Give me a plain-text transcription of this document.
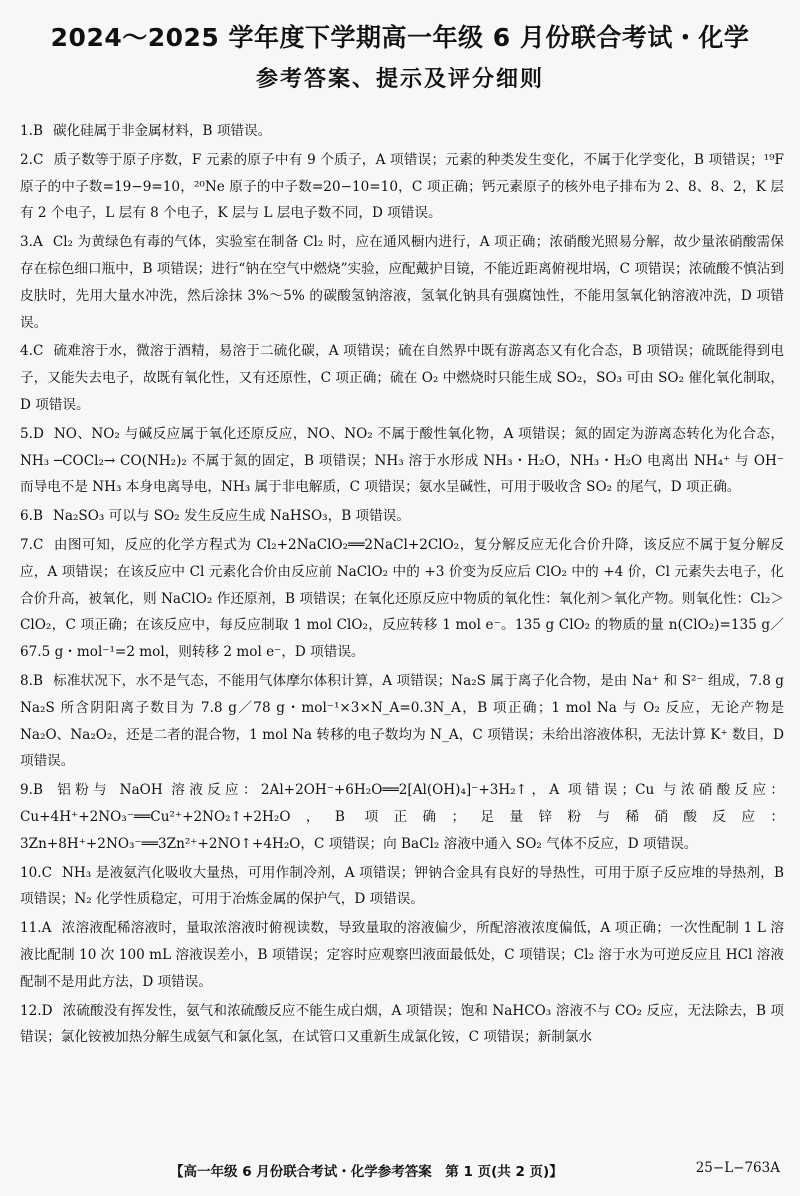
2024～2025 学年度下学期高一年级 6 月份联合考试・化学
参考答案、提示及评分细则
1.B 碳化硅属于非金属材料，B 项错误。
2.C 质子数等于原子序数，F 元素的原子中有 9 个质子，A 项错误；元素的种类发生变化，不属于化学变化，B 项错误；¹⁹F 原子的中子数=19−9=10，²⁰Ne 原子的中子数=20−10=10，C 项正确；钙元素原子的核外电子排布为 2、8、8、2，K 层有 2 个电子，L 层有 8 个电子，K 层与 L 层电子数不同，D 项错误。
3.A Cl₂ 为黄绿色有毒的气体，实验室在制备 Cl₂ 时，应在通风橱内进行，A 项正确；浓硝酸光照易分解，故少量浓硝酸需保存在棕色细口瓶中，B 项错误；进行“钠在空气中燃烧”实验，应配戴护目镜，不能近距离俯视坩埚，C 项错误；浓硫酸不慎沾到皮肤时，先用大量水冲洗，然后涂抹 3%～5% 的碳酸氢钠溶液，氢氧化钠具有强腐蚀性，不能用氢氧化钠溶液冲洗，D 项错误。
4.C 硫难溶于水，微溶于酒精，易溶于二硫化碳，A 项错误；硫在自然界中既有游离态又有化合态，B 项错误；硫既能得到电子，又能失去电子，故既有氧化性，又有还原性，C 项正确；硫在 O₂ 中燃烧时只能生成 SO₂，SO₃ 可由 SO₂ 催化氧化制取，D 项错误。
5.D NO、NO₂ 与碱反应属于氧化还原反应，NO、NO₂ 不属于酸性氧化物，A 项错误；氮的固定为游离态转化为化合态，NH₃ ─COCl₂→ CO(NH₂)₂ 不属于氮的固定，B 项错误；NH₃ 溶于水形成 NH₃・H₂O，NH₃・H₂O 电离出 NH₄⁺ 与 OH⁻ 而导电不是 NH₃ 本身电离导电，NH₃ 属于非电解质，C 项错误；氨水呈碱性，可用于吸收含 SO₂ 的尾气，D 项正确。
6.B Na₂SO₃ 可以与 SO₂ 发生反应生成 NaHSO₃，B 项错误。
7.C 由图可知，反应的化学方程式为 Cl₂+2NaClO₂══2NaCl+2ClO₂，复分解反应无化合价升降，该反应不属于复分解反应，A 项错误；在该反应中 Cl 元素化合价由反应前 NaClO₂ 中的 +3 价变为反应后 ClO₂ 中的 +4 价，Cl 元素失去电子，化合价升高，被氧化，则 NaClO₂ 作还原剂，B 项错误；在氧化还原反应中物质的氧化性：氧化剂＞氧化产物。则氧化性：Cl₂＞ClO₂，C 项正确；在该反应中，每反应制取 1 mol ClO₂，反应转移 1 mol e⁻。135 g ClO₂ 的物质的量 n(ClO₂)=135 g／67.5 g・mol⁻¹=2 mol，则转移 2 mol e⁻，D 项错误。
8.B 标准状况下，水不是气态，不能用气体摩尔体积计算，A 项错误；Na₂S 属于离子化合物，是由 Na⁺ 和 S²⁻ 组成，7.8 g Na₂S 所含阴阳离子数目为 7.8 g／78 g・mol⁻¹×3×N_A=0.3N_A，B 项正确；1 mol Na 与 O₂ 反应，无论产物是 Na₂O、Na₂O₂，还是二者的混合物，1 mol Na 转移的电子数均为 N_A，C 项错误；未给出溶液体积，无法计算 K⁺ 数目，D 项错误。
9.B 铝粉与 NaOH 溶液反应：2Al+2OH⁻+6H₂O══2[Al(OH)₄]⁻+3H₂↑，A 项错误；Cu 与浓硝酸反应：Cu+4H⁺+2NO₃⁻══Cu²⁺+2NO₂↑+2H₂O，B 项正确；足量锌粉与稀硝酸反应：3Zn+8H⁺+2NO₃⁻══3Zn²⁺+2NO↑+4H₂O，C 项错误；向 BaCl₂ 溶液中通入 SO₂ 气体不反应，D 项错误。
10.C NH₃ 是液氨汽化吸收大量热，可用作制冷剂，A 项错误；钾钠合金具有良好的导热性，可用于原子反应堆的导热剂，B 项错误；N₂ 化学性质稳定，可用于冶炼金属的保护气，D 项错误。
11.A 浓溶液配稀溶液时，量取浓溶液时俯视读数，导致量取的溶液偏少，所配溶液浓度偏低，A 项正确；一次性配制 1 L 溶液比配制 10 次 100 mL 溶液误差小，B 项错误；定容时应观察凹液面最低处，C 项错误；Cl₂ 溶于水为可逆反应且 HCl 溶液配制不是用此方法，D 项错误。
12.D 浓硫酸没有挥发性，氨气和浓硫酸反应不能生成白烟，A 项错误；饱和 NaHCO₃ 溶液不与 CO₂ 反应，无法除去，B 项错误；氯化铵被加热分解生成氨气和氯化氢，在试管口又重新生成氯化铵，C 项错误；新制氯水
【高一年级 6 月份联合考试・化学参考答案　第 1 页(共 2 页)】	25−L−763A
